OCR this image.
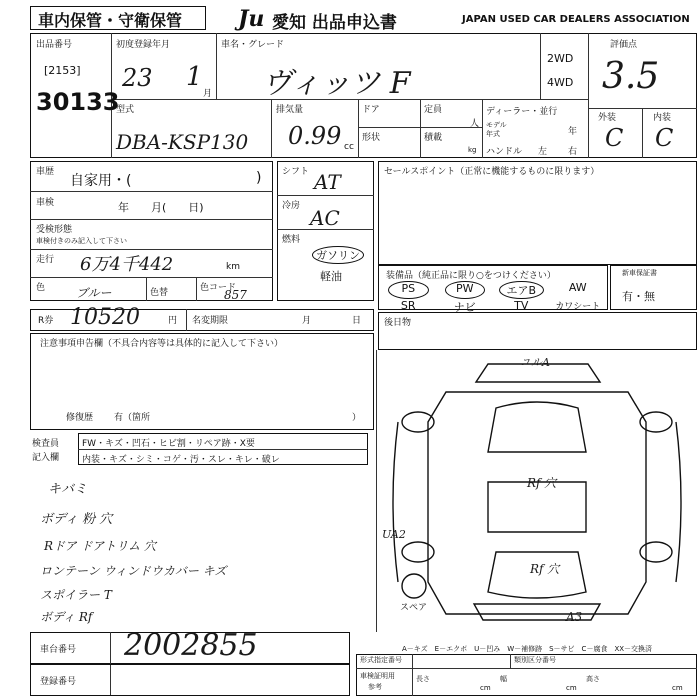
車内保管・守衛保管	Ju 愛知 出品申込書	JAPAN USED CAR DEALERS ASSOCIATION
出品番号
[2153]
30133
初度登録年月
23 1
月
車名・グレード
ヴィッツ F
2WD
4WD
評価点
3.5
外装	内装
C C
型式
DBA-KSP130
排気量
0.99 cc
ドア	定員
人
形状	積載
kg
ディーラー・並行
モデル
年式	年
ハンドル 左 右
車歴
自家用・(	)
車検	年　　月(　　日)
受検形態
車検付きのみ記入して下さい
走行 6万4千442	km
色	ブルー	色替	色コード
857
シフト AT
冷房 AC
燃料
ガソリン
軽油
セールスポイント（正常に機能するものに限ります）
装備品（純正品に限り○をつけください）
PS	PW	エアB	AW
SR	ナビ	TV	カワシート
新車保証書
有・無
R券 10520	円 名変期限	月	日	後日物
注意事項申告欄（不具合内容等は具体的に記入して下さい）
修復歴 有（箇所	）
検査員
記入欄
FW・キズ・凹石・ヒビ割・リペア跡・X要
内装・キズ・シミ・コゲ・汚・スレ・キレ・破レ
キバミ
ボディ 粉 穴
Rドア ドアトリム 穴
ロンテーン ウィンドウカバー キズ
スポイラー T
ボディ Rf
ユルA
Rf 穴
Rf 穴
UA2
A3
スペア
A－キズ　E－エクボ　U－凹み　W－補修跡　S－サビ　C－腐食　XX－交換済
車台番号 2002855
登録番号
形式指定番号	類別区分番号
車検証明用
参考
長さ
cm
幅
cm
高さ
cm
